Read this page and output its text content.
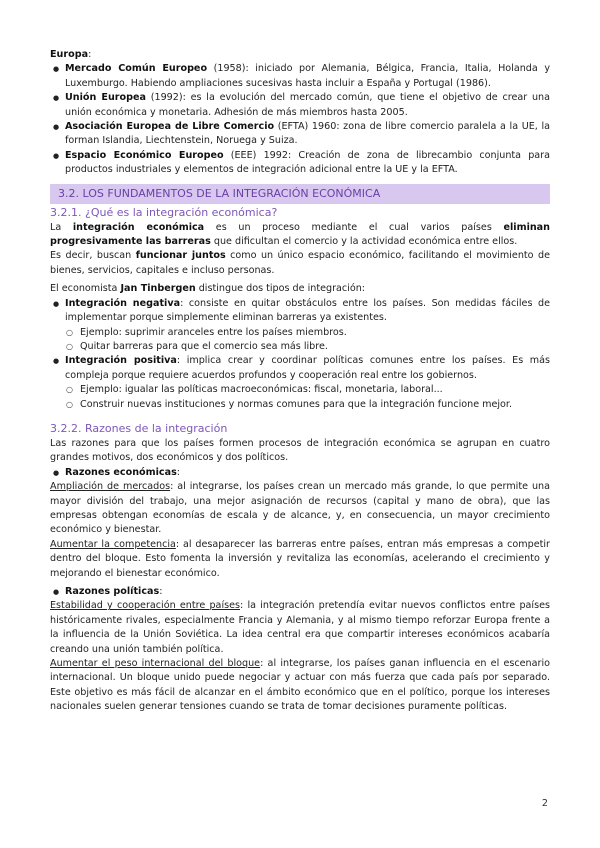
Europa:

● Mercado Común Europeo (1958): iniciado por Alemania, Bélgica, Francia, Italia, Holanda y Luxemburgo. Habiendo ampliaciones sucesivas hasta incluir a España y Portugal (1986).
● Unión Europea (1992): es la evolución del mercado común, que tiene el objetivo de crear una unión económica y monetaria. Adhesión de más miembros hasta 2005.
● Asociación Europea de Libre Comercio (EFTA) 1960: zona de libre comercio paralela a la UE, la forman Islandia, Liechtenstein, Noruega y Suiza.
● Espacio Económico Europeo (EEE) 1992: Creación de zona de librecambio conjunta para productos industriales y elementos de integración adicional entre la UE y la EFTA.
3.2. LOS FUNDAMENTOS DE LA INTEGRACIÓN ECONÓMICA
3.2.1. ¿Qué es la integración económica?

La integración económica es un proceso mediante el cual varios países eliminan progresivamente las barreras que dificultan el comercio y la actividad económica entre ellos.

Es decir, buscan funcionar juntos como un único espacio económico, facilitando el movimiento de bienes, servicios, capitales e incluso personas.

El economista Jan Tinbergen distingue dos tipos de integración:

● Integración negativa: consiste en quitar obstáculos entre los países. Son medidas fáciles de implementar porque simplemente eliminan barreras ya existentes.
○ Ejemplo: suprimir aranceles entre los países miembros.
○ Quitar barreras para que el comercio sea más libre.
● Integración positiva: implica crear y coordinar políticas comunes entre los países. Es más compleja porque requiere acuerdos profundos y cooperación real entre los gobiernos.
○ Ejemplo: igualar las políticas macroeconómicas: fiscal, monetaria, laboral...
○ Construir nuevas instituciones y normas comunes para que la integración funcione mejor.
3.2.2. Razones de la integración

Las razones para que los países formen procesos de integración económica se agrupan en cuatro grandes motivos, dos económicos y dos políticos.

● Razones económicas:

Ampliación de mercados: al integrarse, los países crean un mercado más grande, lo que permite una mayor división del trabajo, una mejor asignación de recursos (capital y mano de obra), que las empresas obtengan economías de escala y de alcance, y, en consecuencia, un mayor crecimiento económico y bienestar.

Aumentar la competencia: al desaparecer las barreras entre países, entran más empresas a competir dentro del bloque. Esto fomenta la inversión y revitaliza las economías, acelerando el crecimiento y mejorando el bienestar económico.

● Razones políticas:

Estabilidad y cooperación entre países: la integración pretendía evitar nuevos conflictos entre países históricamente rivales, especialmente Francia y Alemania, y al mismo tiempo reforzar Europa frente a la influencia de la Unión Soviética. La idea central era que compartir intereses económicos acabaría creando una unión también política.

Aumentar el peso internacional del bloque: al integrarse, los países ganan influencia en el escenario internacional. Un bloque unido puede negociar y actuar con más fuerza que cada país por separado. Este objetivo es más fácil de alcanzar en el ámbito económico que en el político, porque los intereses nacionales suelen generar tensiones cuando se trata de tomar decisiones puramente políticas.

2
